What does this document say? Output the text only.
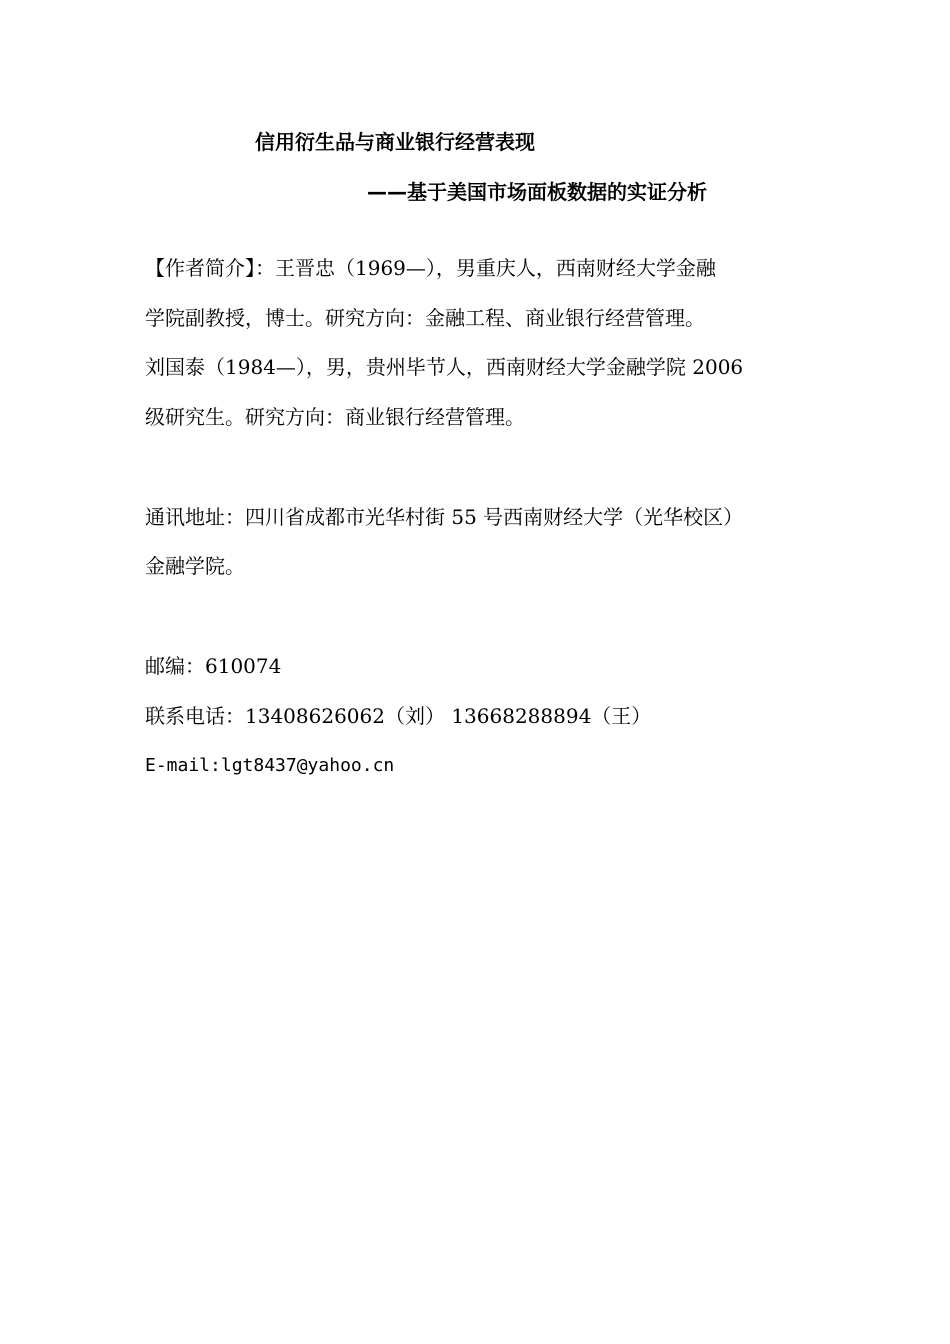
信用衍生品与商业银行经营表现
——基于美国市场面板数据的实证分析
【作者简介】：王晋忠（1969—），男重庆人，西南财经大学金融
学院副教授，博士。研究方向：金融工程、商业银行经营管理。
刘国泰（1984—），男，贵州毕节人，西南财经大学金融学院 2006
级研究生。研究方向：商业银行经营管理。
通讯地址：四川省成都市光华村街 55 号西南财经大学（光华校区）
金融学院。
邮编：610074
联系电话：13408626062（刘） 13668288894（王）
E-mail:lgt8437@yahoo.cn
